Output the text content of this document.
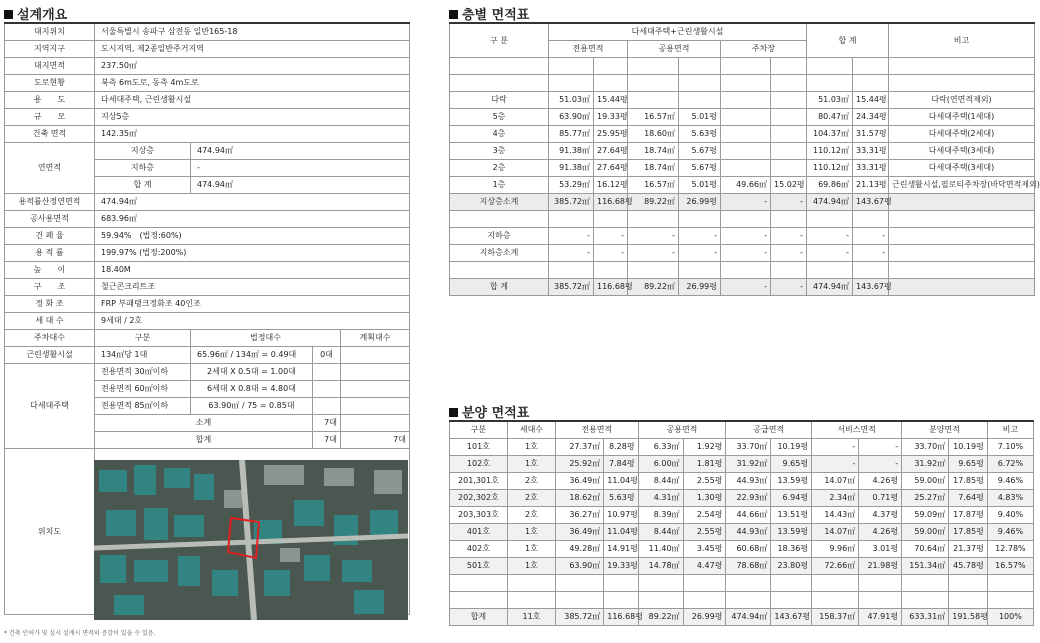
설계개요	층별 면적표
분양 면적표
대지위치	서울특별시 송파구 삼전동 일반165-18			
지역지구	도시지역, 제2종일반주거지역			
대지면적	237.50㎡			
도로현황	북측 6m도로, 동측 4m도로			
용　　도	다세대주택, 근린생활시설			
규　　모	지상5층			
건축 면적	142.35㎡			
연면적	지상층	474.94㎡		
	지하층	-		
	합 계	474.94㎡		
용적률산정연면적	474.94㎡			
공사용면적	683.96㎡			
건 폐 율	59.94%　(법정:60%)			
용 적 률	199.97% (법정:200%)			
높　　이	18.40M			
구　　조	철근콘크리트조			
정 화 조	FRP 부패탱크정화조 40인조			
세 대 수	9세대 / 2호			
주차대수	구분	법정대수		계획대수
근린생활시설	134㎡당 1대	65.96㎡ / 134㎡ = 0.49대	0대	
다세대주택	전용면적 30㎡이하	2세대 X 0.5대 = 1.00대		
	전용면적 60㎡이하	6세대 X 0.8대 = 4.80대		
	전용면적 85㎡이하	63.90㎡ / 75 = 0.85대		
	소계		7대	
	합계		7대	7대
위치도				
구 분	다세대주택+근린생활시설						합 계		비고
	전용면적		공용면적		주차장				

다락	51.03㎡	15.44평					51.03㎡	15.44평	다락(연면적제외)
5층	63.90㎡	19.33평	16.57㎡	5.01평			80.47㎡	24.34평	다세대주택(1세대)
4층	85.77㎡	25.95평	18.60㎡	5.63평			104.37㎡	31.57평	다세대주택(2세대)
3층	91.38㎡	27.64평	18.74㎡	5.67평			110.12㎡	33.31평	다세대주택(3세대)
2층	91.38㎡	27.64평	18.74㎡	5.67평			110.12㎡	33.31평	다세대주택(3세대)
1층	53.29㎡	16.12평	16.57㎡	5.01평	49.66㎡	15.02평	69.86㎡	21.13평	근린생활시설,필로티주차장(바닥면적제외)
지상층소계	385.72㎡	116.68평	89.22㎡	26.99평	-	-	474.94㎡	143.67평	

지하층	-	-	-	-	-	-	-	-	
지하층소계	-	-	-	-	-	-	-	-	

합 계	385.72㎡	116.68평	89.22㎡	26.99평	-	-	474.94㎡	143.67평	
구분	세대수	전용면적		공용면적		공급면적		서비스면적		분양면적		비고
101호	1호	27.37㎡	8.28평	6.33㎡	1.92평	33.70㎡	10.19평	-	-	33.70㎡	10.19평	7.10%
102호	1호	25.92㎡	7.84평	6.00㎡	1.81평	31.92㎡	9.65평	-	-	31.92㎡	9.65평	6.72%
201,301호	2호	36.49㎡	11.04평	8.44㎡	2.55평	44.93㎡	13.59평	14.07㎡	4.26평	59.00㎡	17.85평	9.46%
202,302호	2호	18.62㎡	5.63평	4.31㎡	1.30평	22.93㎡	6.94평	2.34㎡	0.71평	25.27㎡	7.64평	4.83%
203,303호	2호	36.27㎡	10.97평	8.39㎡	2.54평	44.66㎡	13.51평	14.43㎡	4.37평	59.09㎡	17.87평	9.40%
401호	1호	36.49㎡	11.04평	8.44㎡	2.55평	44.93㎡	13.59평	14.07㎡	4.26평	59.00㎡	17.85평	9.46%
402호	1호	49.28㎡	14.91평	11.40㎡	3.45평	60.68㎡	18.36평	9.96㎡	3.01평	70.64㎡	21.37평	12.78%
501호	1호	63.90㎡	19.33평	14.78㎡	4.47평	78.68㎡	23.80평	72.66㎡	21.98평	151.34㎡	45.78평	16.57%

합계	11호	385.72㎡	116.68평	89.22㎡	26.99평	474.94㎡	143.67평	158.37㎡	47.91평	633.31㎡	191.58평	100%
* 건축 인허가 및 실시 설계시 면적의 증감이 있을 수 있음.
